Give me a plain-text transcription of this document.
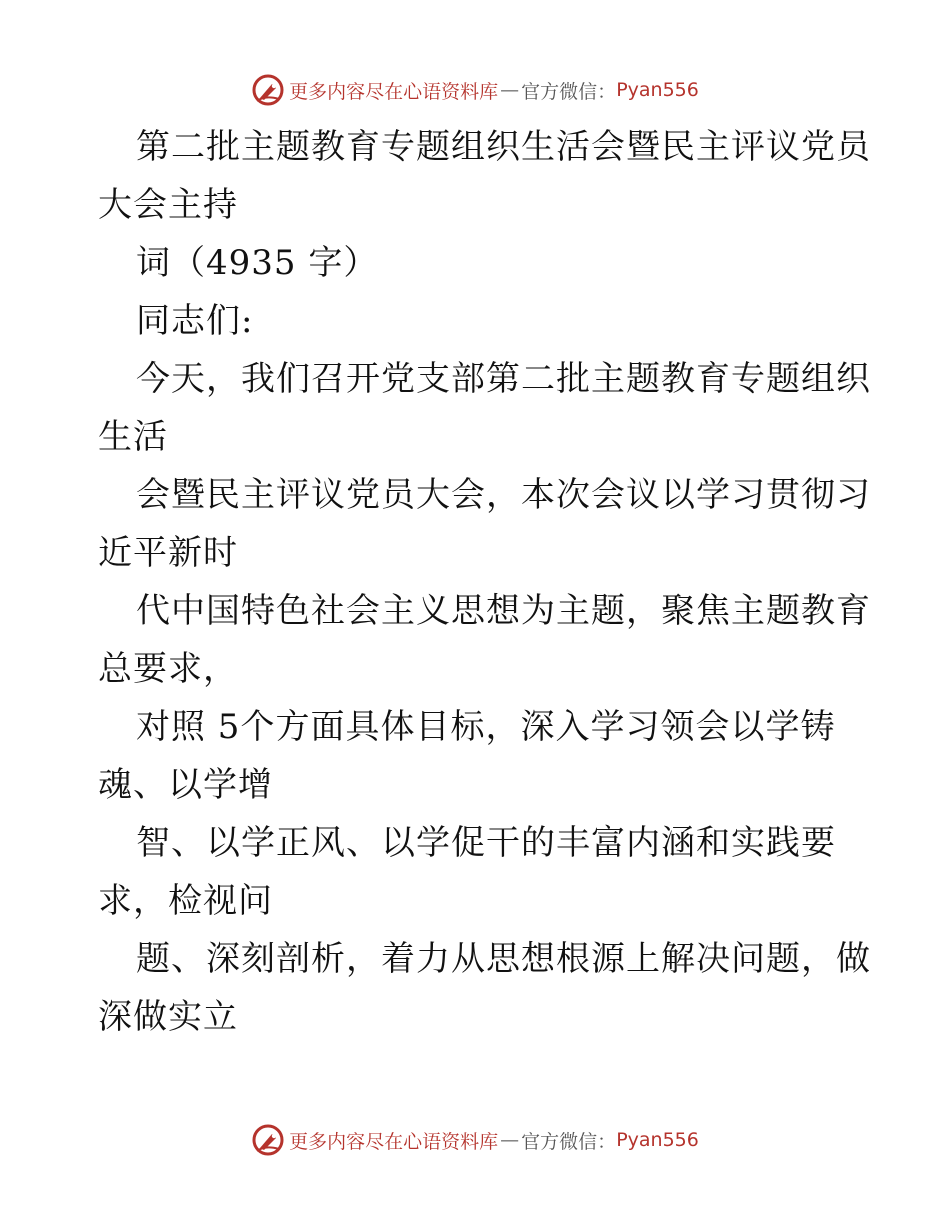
更多内容尽在心语资料库 — 官方微信： Pyan556

第二批主题教育专题组织生活会暨民主评议党员

大会主持

词（4935 字）

同志们:

今天，我们召开党支部第二批主题教育专题组织

生活

会暨民主评议党员大会，本次会议以学习贯彻习

近平新时

代中国特色社会主义思想为主题，聚焦主题教育

总要求，

对照 5个方面具体目标，深入学习领会以学铸

魂、以学增

智、以学正风、以学促干的丰富内涵和实践要

求，检视问

题、深刻剖析，着力从思想根源上解决问题，做

深做实立

更多内容尽在心语资料库 — 官方微信： Pyan556
